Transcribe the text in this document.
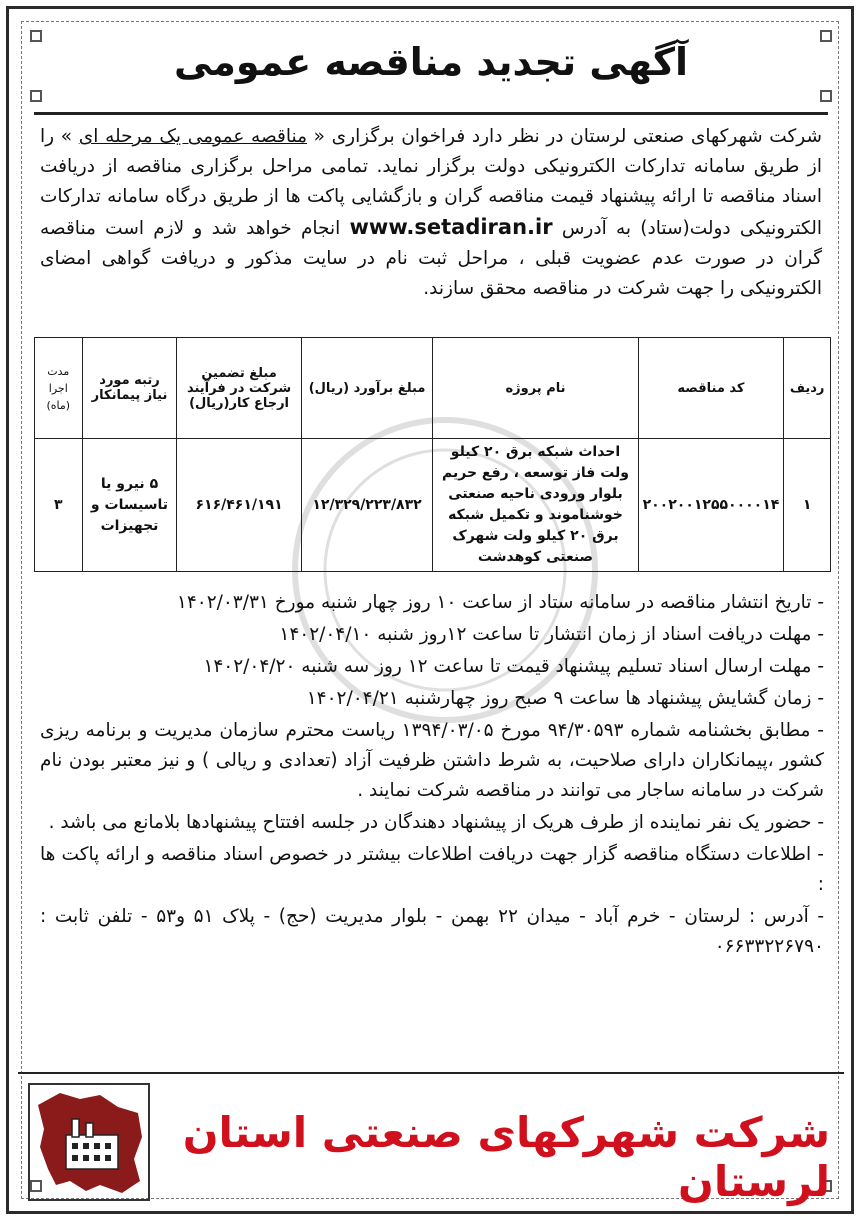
آگهی تجدید مناقصه عمومی
شرکت شهرکهای صنعتی لرستان در نظر دارد فراخوان برگزاری « مناقصه عمومی یک مرحله ای » را از طریق سامانه تداركات الكترونيكی دولت برگزار نمايد. تمامی مراحل برگزاری مناقصه از دريافت اسناد مناقصه تا ارائه پيشنهاد قيمت مناقصه گران و بازگشايی پاکت ها از طريق درگاه سامانه تداركات الكترونيكی دولت(ستاد) به آدرس www.setadiran.ir انجام خواهد شد و لازم است مناقصه گران در صورت عدم عضويت قبلی ، مراحل ثبت نام در سايت مذكور و دريافت گواهی امضای الكترونيكی را جهت شركت در مناقصه محقق سازند.
رديف	كد مناقصه	نام پروژه	مبلغ برآورد (ريال)	مبلغ تضمين شركت در فرآيند ارجاع كار(ريال)	رتبه مورد نياز پيمانكار	مدت اجرا (ماه)
۱	۲۰۰۲۰۰۱۲۵۵۰۰۰۰۱۴	احداث شبكه برق ۲۰ كيلو ولت فاز توسعه ، رفع حريم بلوار ورودی ناحيه صنعتی خوشناموند و تكميل شبكه برق ۲۰ كيلو ولت شهرک صنعتی كوهدشت	۱۲/۳۲۹/۲۲۳/۸۳۲	۶۱۶/۴۶۱/۱۹۱	۵ نيرو يا تاسيسات و تجهيزات	۳

- تاريخ انتشار مناقصه در سامانه ستاد از ساعت ۱۰ روز چهار شنبه مورخ ۱۴۰۲/۰۳/۳۱

- مهلت دريافت اسناد از زمان انتشار تا ساعت ۱۲روز شنبه ۱۴۰۲/۰۴/۱۰

- مهلت ارسال اسناد تسليم پيشنهاد قيمت تا ساعت ۱۲ روز سه شنبه ۱۴۰۲/۰۴/۲۰

- زمان گشايش پيشنهاد ها ساعت ۹ صبح روز چهارشنبه ۱۴۰۲/۰۴/۲۱

- مطابق بخشنامه شماره ۹۴/۳۰۵۹۳ مورخ ۱۳۹۴/۰۳/۰۵ رياست محترم سازمان مديريت و برنامه ريزی كشور ،پيمانكاران دارای صلاحيت، به شرط داشتن ظرفيت آزاد (تعدادی و ريالی ) و نيز معتبر بودن نام شركت در سامانه ساجار می توانند در مناقصه شركت نمايند .

- حضور يک نفر نماينده از طرف هريک از پيشنهاد دهندگان در جلسه افتتاح پيشنهادها بلامانع می باشد .

- اطلاعات دستگاه مناقصه گزار جهت دريافت اطلاعات بيشتر در خصوص اسناد مناقصه و ارائه پاكت ها :

- آدرس : لرستان - خرم آباد - ميدان ۲۲ بهمن - بلوار مديريت (حج) - پلاک ۵۱ و۵۳ - تلفن ثابت : ۰۶۶۳۳۲۲۶۷۹۰

شرکت شهرکهای صنعتی استان لرستان
